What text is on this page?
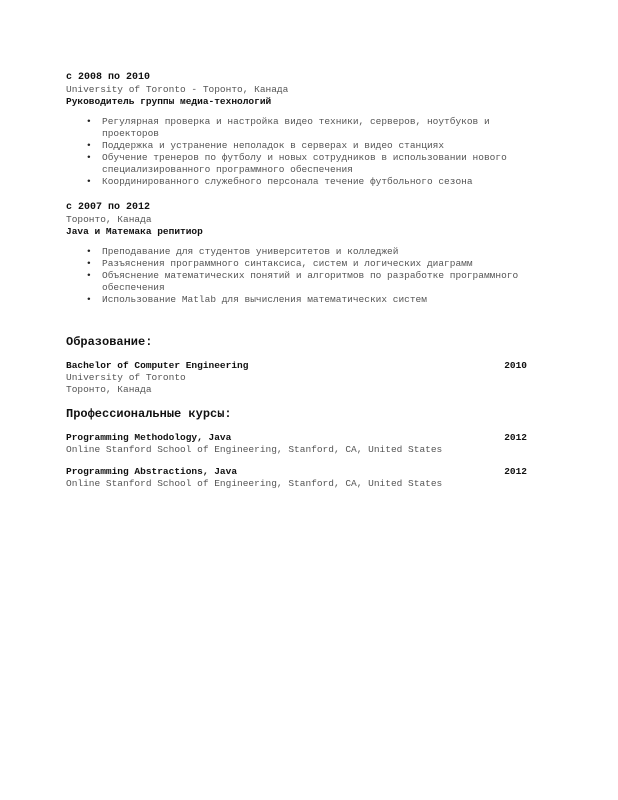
с 2008 по 2010
University of Toronto - Торонто, Канада
Руководитель группы медиа-технологий
• Регулярная проверка и настройка видео техники, серверов, ноутбуков и
проекторов
• Поддержка и устранение неполадок в серверах и видео станциях
• Обучение тренеров по футболу и новых сотрудников в использовании нового
специализированного программного обеспечения
• Координированного служебного персонала течение футбольного сезона
с 2007 по 2012
Торонто, Канада
Java и Матемака репитиор
• Преподавание для студентов университетов и колледжей
• Разъяснения программного синтаксиса, систем и логических диаграмм
• Объяснение математических понятий и алгоритмов по разработке программного
обеспечения
• Использование Matlab для вычисления математических систем
Образование:
Bachelor of Computer Engineering	2010
University of Toronto
Торонто, Канада
Профессиональные курсы:
Programming Methodology, Java	2012
Online Stanford School of Engineering, Stanford, CA, United States
Programming Abstractions, Java	2012
Online Stanford School of Engineering, Stanford, CA, United States
